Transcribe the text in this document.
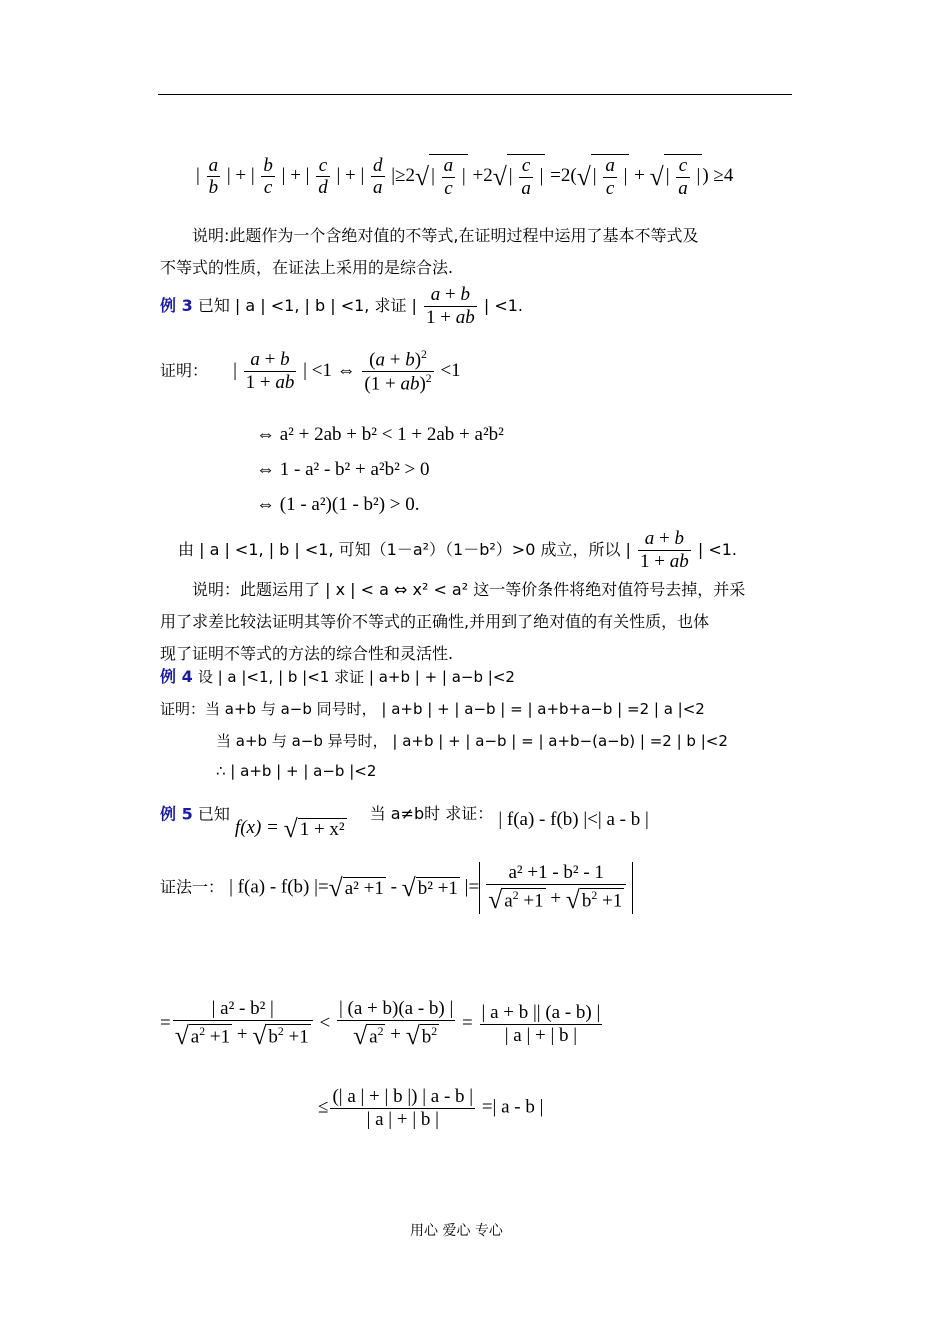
| $\frac{a}{b}$ | + | $\frac{b}{c}$ | + | $\frac{c}{d}$ | + | $\frac{d}{a} |\ge 2√$ | $\frac{a}{c}$ | +2√ | $\frac{c}{a}$ | =2(√ | $\frac{a}{c}$ | + √ | $\frac{c}{a}$ | ) ≥4
说明:此题作为一个含绝对值的不等式,在证明过程中运用了基本不等式及
不等式的性质，在证法上采用的是综合法.
例 3 已知 | a | <1, | b | <1, 求证 | $\frac{a + b}{1 + ab}$ | <1.
证明： | $\frac{a + b}{1 + ab}$ | <1 ⇔ $\frac{(a + b)^2}{(1 + ab)^2} <1$
⇔ a² + 2ab + b² < 1 + 2ab + a²b²
⇔ 1 - a² - b² + a²b² > 0
⇔ (1 - a²)(1 - b²) > 0.
由 | a | <1, | b | <1, 可知（1－a²）（1－b²）>0 成立，所以 | $\frac{a + b}{1 + ab}$ | <1.
说明：此题运用了 | x | < a ⇔ x² < a² 这一等价条件将绝对值符号去掉，并采
用了求差比较法证明其等价不等式的正确性,并用到了绝对值的有关性质，也体
现了证明不等式的方法的综合性和灵活性.
例 4 设 | a |<1, | b |<1 求证 | a+b | + | a−b |<2
证明：当 a+b 与 a−b 同号时， | a+b | + | a−b | = | a+b+a−b | =2 | a |<2
当 a+b 与 a−b 异号时， | a+b | + | a−b | = | a+b−(a−b) | =2 | b |<2
∴ | a+b | + | a−b |<2
例 5 已知 f(x) = √ 1 + x² 当 a≠b时 求证： | f(a) - f(b) |<| a - b |
证法一： | f(a) - f(b) |=√ a² +1 - √ b² +1 |= $\frac{\text{a² +1 - b² - 1}}{√ a^2 +1 + √ b^2 +1}$
= $\frac{\text{| a² - b² |}}{√ a^2 +1 + √ b^2 +1} < \frac{| (a + b)(a - b) |}{√ a^2 + √ b^2} = \frac{| a + b || (a - b) |}{| a | + | b |}$
≤ $\frac{(| a | + | b |) | a - b |}{| a | + | b |}$ =| a - b |
用心 爱心 专心
